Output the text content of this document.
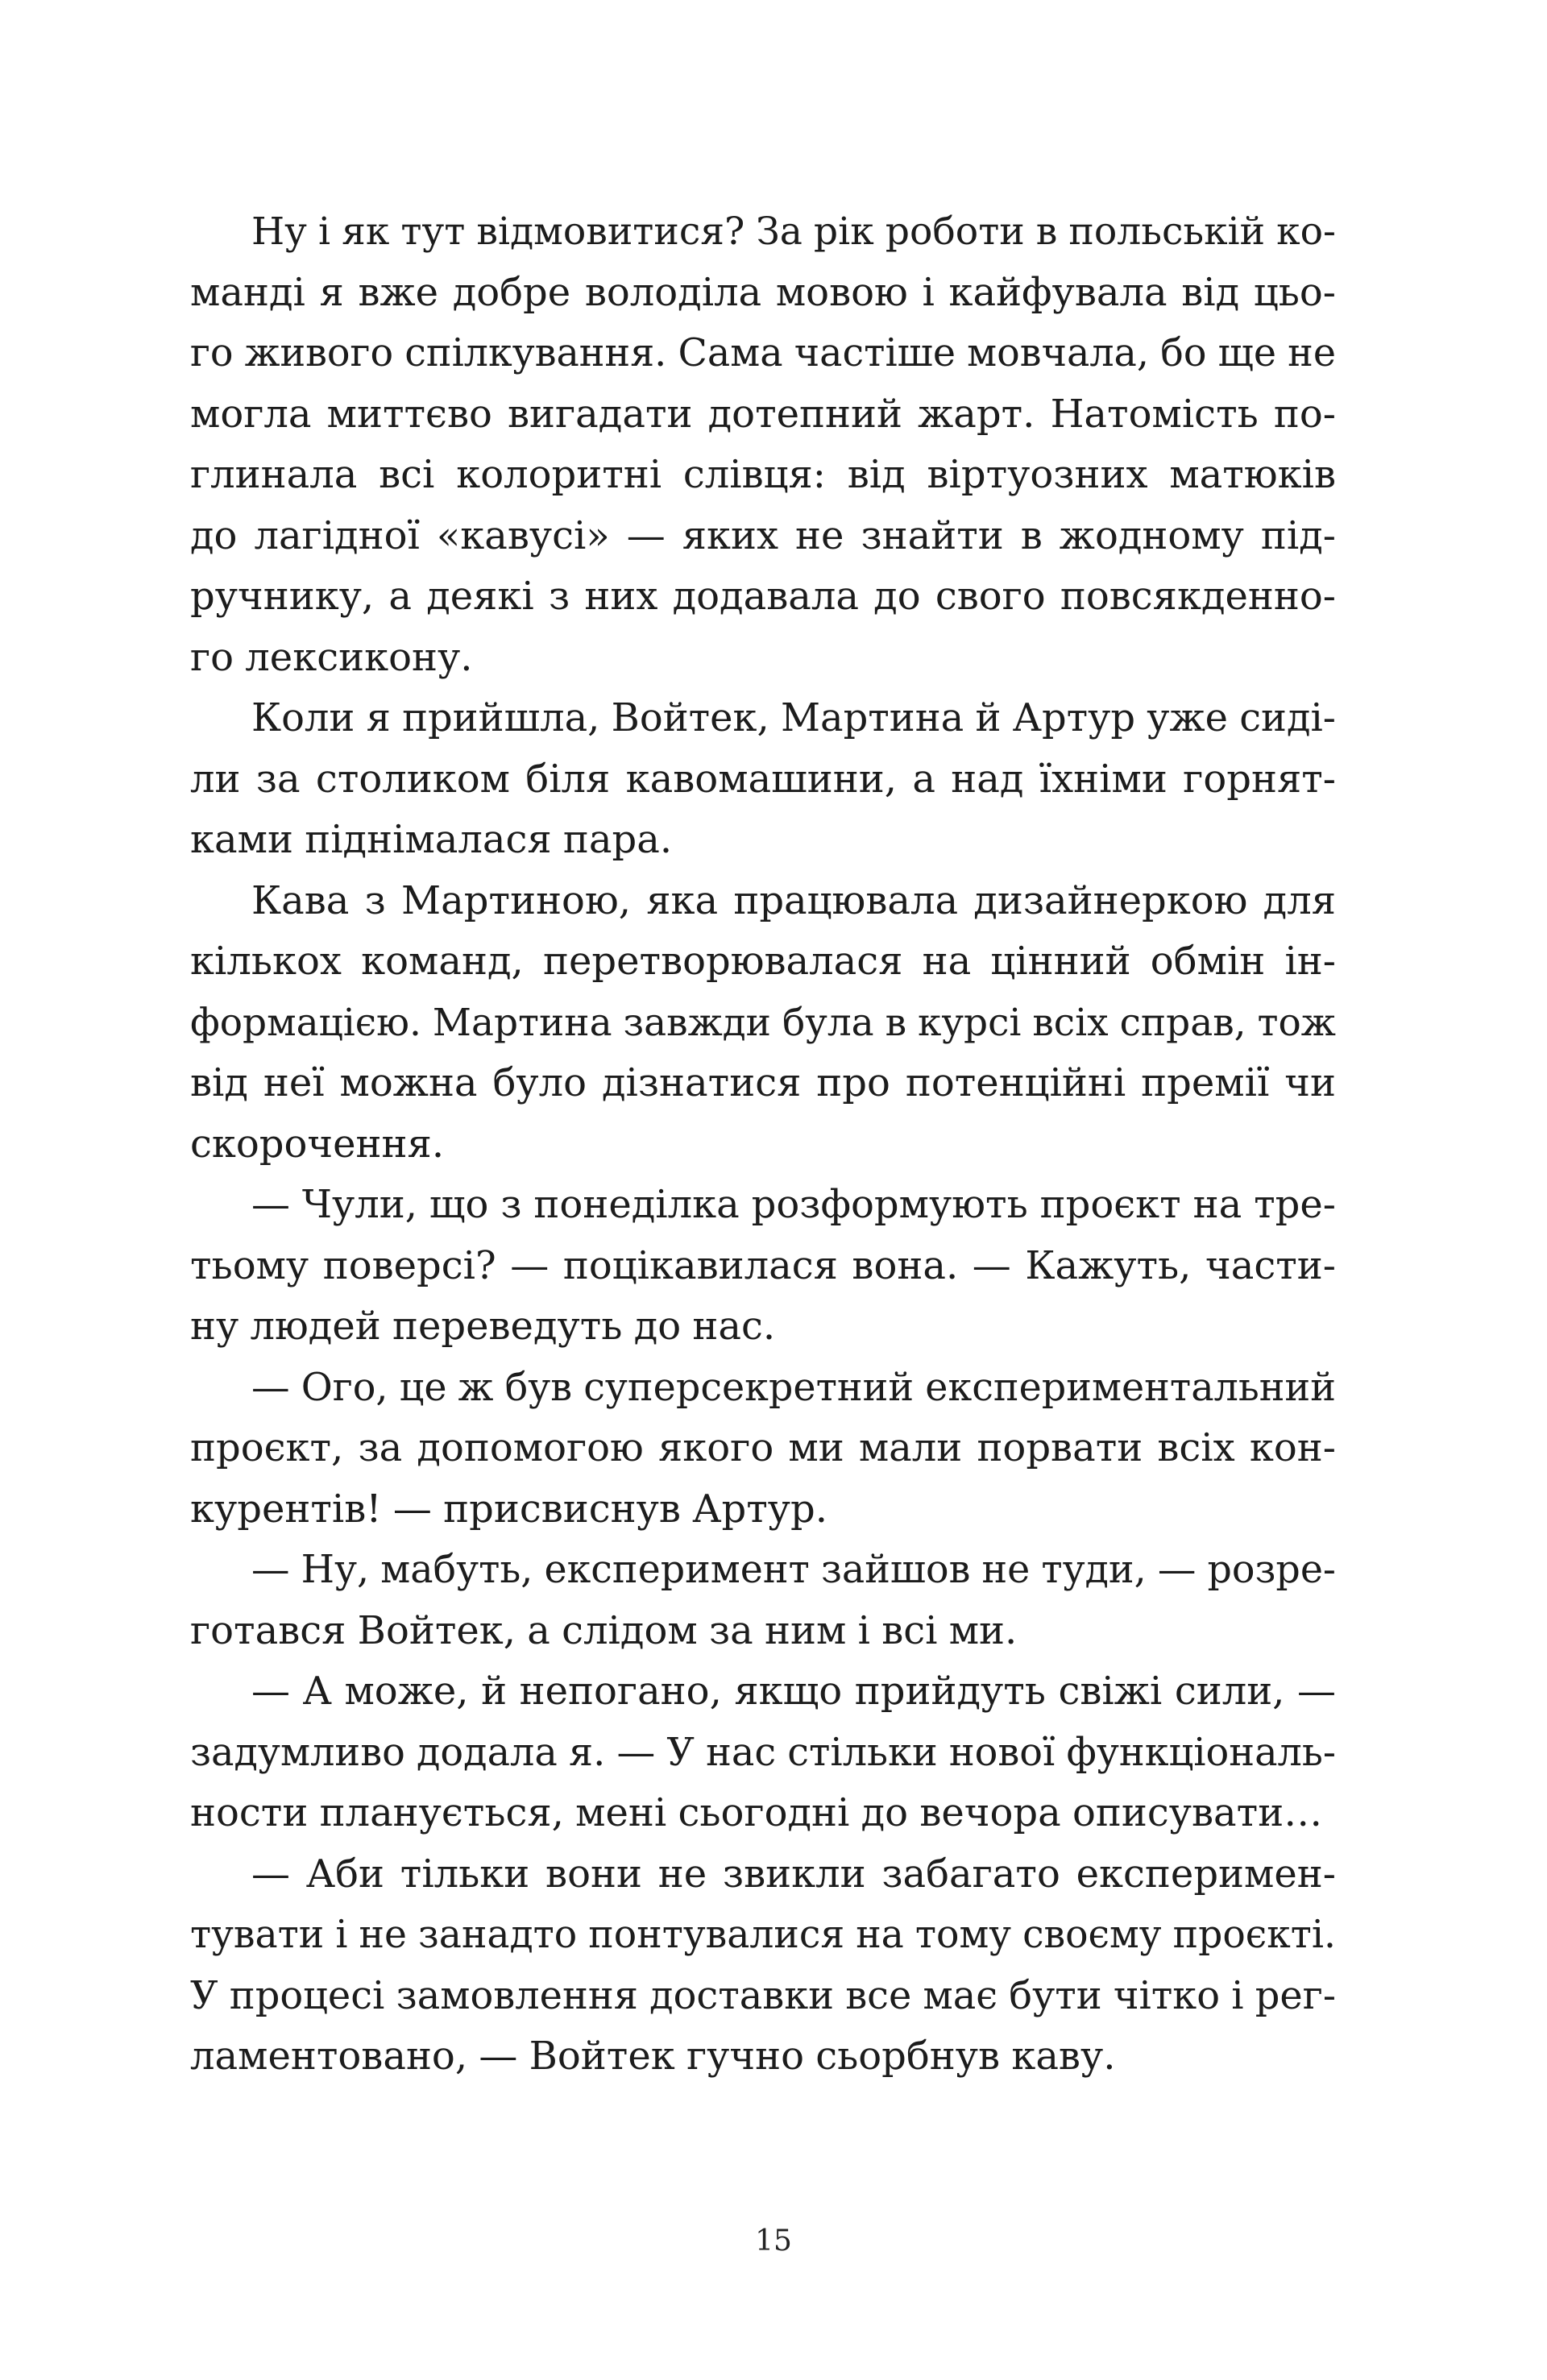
Ну і як тут відмовитися? За рік роботи в польській ко-
манді я вже добре володіла мовою і кайфувала від цьо-
го живого спілкування. Сама частіше мовчала, бо ще не
могла миттєво вигадати дотепний жарт. Натомість по-
глинала всі колоритні слівця: від віртуозних матюків
до лагідної «кавусі» — яких не знайти в жодному під-
ручнику, а деякі з них додавала до свого повсякденно-
го лексикону.
Коли я прийшла, Войтек, Мартина й Артур уже сиді-
ли за столиком біля кавомашини, а над їхніми горнят-
ками піднімалася пара.
Кава з Мартиною, яка працювала дизайнеркою для
кількох команд, перетворювалася на цінний обмін ін-
формацією. Мартина завжди була в курсі всіх справ, тож
від неї можна було дізнатися про потенційні премії чи
скорочення.
— Чули, що з понеділка розформують проєкт на тре-
тьому поверсі? — поцікавилася вона. — Кажуть, части-
ну людей переведуть до нас.
— Ого, це ж був суперсекретний експериментальний
проєкт, за допомогою якого ми мали порвати всіх кон-
курентів! — присвиснув Артур.
— Ну, мабуть, експеримент зайшов не туди, — розре-
готався Войтек, а слідом за ним і всі ми.
— А може, й непогано, якщо прийдуть свіжі сили, —
задумливо додала я. — У нас стільки нової функціональ-
ности планується, мені сьогодні до вечора описувати…
— Аби тільки вони не звикли забагато експеримен-
тувати і не занадто понтувалися на тому своєму проєкті.
У процесі замовлення доставки все має бути чітко і рег-
ламентовано, — Войтек гучно сьорбнув каву.
15
